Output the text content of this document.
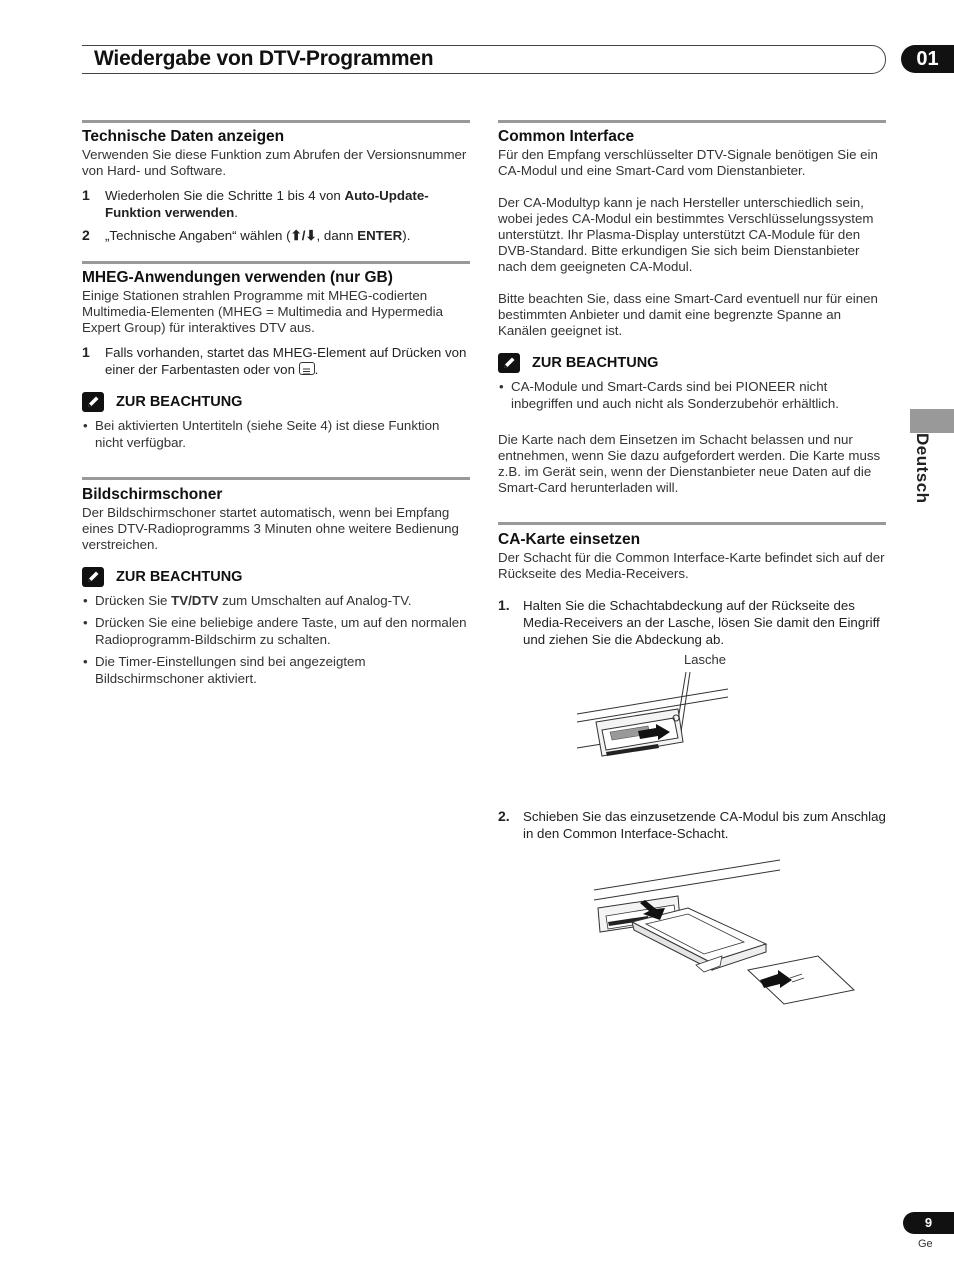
Wiedergabe von DTV-Programmen	01
Deutsch
Technische Daten anzeigen

Verwenden Sie diese Funktion zum Abrufen der Versionsnummer von Hard- und Software.

1 Wiederholen Sie die Schritte 1 bis 4 von Auto-Update-Funktion verwenden.
2 „Technische Angaben“ wählen (⬆/⬇, dann ENTER).
MHEG-Anwendungen verwenden (nur GB)

Einige Stationen strahlen Programme mit MHEG-codierten Multimedia-Elementen (MHEG = Multimedia and Hypermedia Expert Group) für interaktives DTV aus.

1 Falls vorhanden, startet das MHEG-Element auf Drücken von einer der Farbentasten oder von .
ZUR BEACHTUNG
• Bei aktivierten Untertiteln (siehe Seite 4) ist diese Funktion nicht verfügbar.
Bildschirmschoner

Der Bildschirmschoner startet automatisch, wenn bei Empfang eines DTV-Radioprogramms 3 Minuten ohne weitere Bedienung verstreichen.

ZUR BEACHTUNG
• Drücken Sie TV/DTV zum Umschalten auf Analog-TV.
• Drücken Sie eine beliebige andere Taste, um auf den normalen Radioprogramm-Bildschirm zu schalten.
• Die Timer-Einstellungen sind bei angezeigtem Bildschirmschoner aktiviert.
Common Interface

Für den Empfang verschlüsselter DTV-Signale benötigen Sie ein CA-Modul und eine Smart-Card vom Dienstanbieter.

Der CA-Modultyp kann je nach Hersteller unterschiedlich sein, wobei jedes CA-Modul ein bestimmtes Verschlüsselungssystem unterstützt. Ihr Plasma-Display unterstützt CA-Module für den DVB-Standard. Bitte erkundigen Sie sich beim Dienstanbieter nach dem geeigneten CA-Modul.

Bitte beachten Sie, dass eine Smart-Card eventuell nur für einen bestimmten Anbieter und damit eine begrenzte Spanne an Kanälen geeignet ist.

ZUR BEACHTUNG
• CA-Module und Smart-Cards sind bei PIONEER nicht inbegriffen und auch nicht als Sonderzubehör erhältlich.

Die Karte nach dem Einsetzen im Schacht belassen und nur entnehmen, wenn Sie dazu aufgefordert werden. Die Karte muss z.B. im Gerät sein, wenn der Dienstanbieter neue Daten auf die Smart-Card herunterladen will.

CA-Karte einsetzen

Der Schacht für die Common Interface-Karte befindet sich auf der Rückseite des Media-Receivers.

1. Halten Sie die Schachtabdeckung auf der Rückseite des Media-Receivers an der Lasche, lösen Sie damit den Eingriff und ziehen Sie die Abdeckung ab.
Lasche
2. Schieben Sie das einzusetzende CA-Modul bis zum Anschlag in den Common Interface-Schacht.
9
Ge
